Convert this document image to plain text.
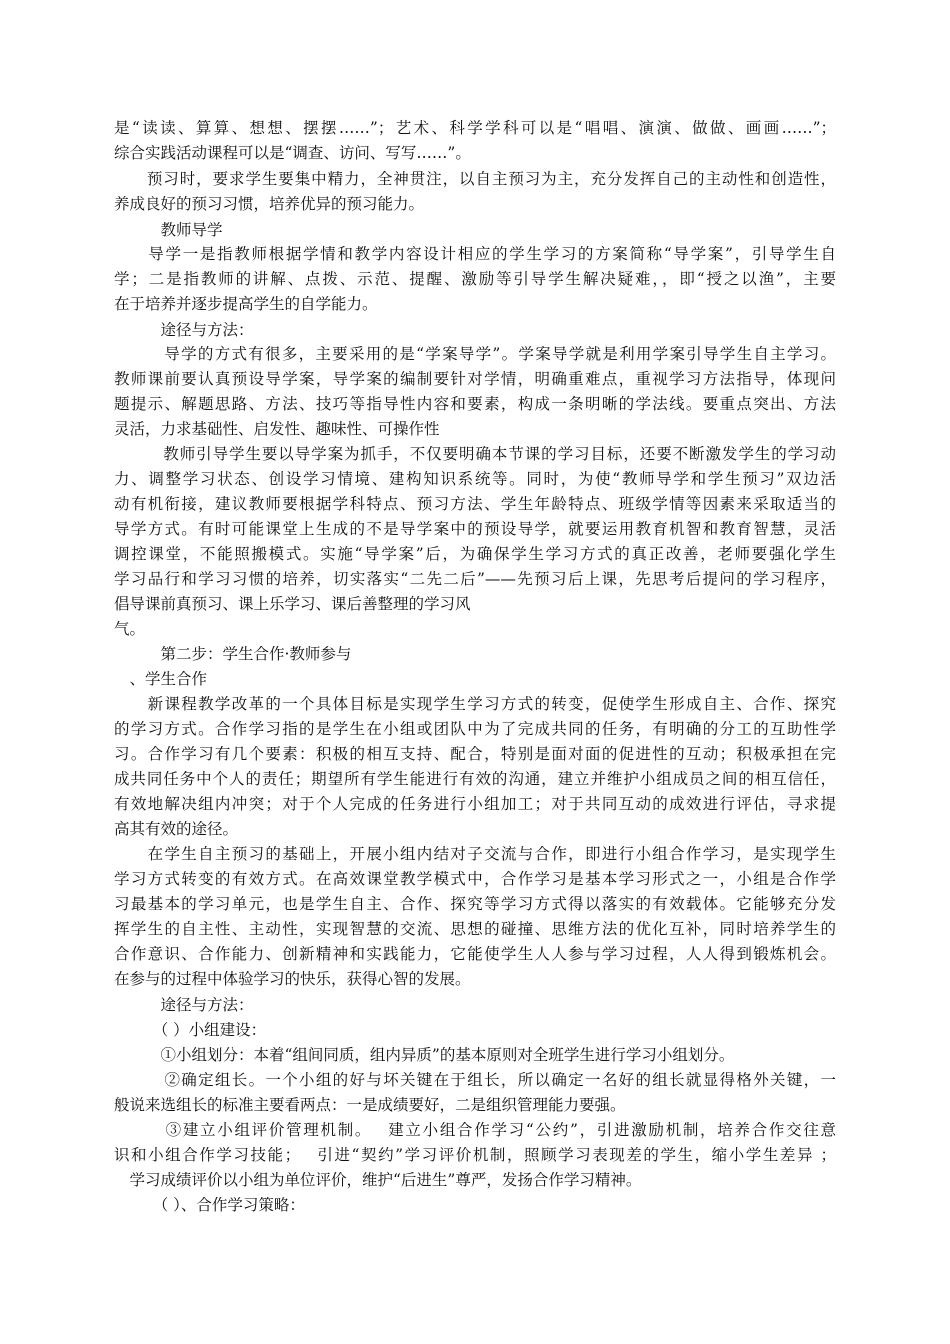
是“读读、算算、想想、摆摆……”；艺术、科学学科可以是“唱唱、演演、做做、画画……”；
综合实践活动课程可以是“调查、访问、写写……”。
　　预习时，要求学生要集中精力，全神贯注，以自主预习为主，充分发挥自己的主动性和创造性，
养成良好的预习习惯，培养优异的预习能力。
　　　教师导学
　　导学一是指教师根据学情和教学内容设计相应的学生学习的方案简称“导学案”，引导学生自
学；二是指教师的讲解、点拨、示范、提醒、激励等引导学生解决疑难，，即“授之以渔”，主要
在于培养并逐步提高学生的自学能力。
　　　途径与方法：
　　　导学的方式有很多，主要采用的是“学案导学”。学案导学就是利用学案引导学生自主学习。
教师课前要认真预设导学案，导学案的编制要针对学情，明确重难点，重视学习方法指导，体现问
题提示、解题思路、方法、技巧等指导性内容和要素，构成一条明晰的学法线。要重点突出、方法
灵活，力求基础性、启发性、趣味性、可操作性
　　　教师引导学生要以导学案为抓手，不仅要明确本节课的学习目标，还要不断激发学生的学习动
力、调整学习状态、创设学习情境、建构知识系统等。同时，为使“教师导学和学生预习”双边活
动有机衔接，建议教师要根据学科特点、预习方法、学生年龄特点、班级学情等因素来采取适当的
导学方式。有时可能课堂上生成的不是导学案中的预设导学，就要运用教育机智和教育智慧，灵活
调控课堂，不能照搬模式。实施“导学案”后，为确保学生学习方式的真正改善，老师要强化学生
学习品行和学习习惯的培养，切实落实“二先二后”——先预习后上课，先思考后提问的学习程序，
倡导课前真预习、课上乐学习、课后善整理的学习风
气。
　　　第二步：学生合作·教师参与
　、学生合作
　　新课程教学改革的一个具体目标是实现学生学习方式的转变，促使学生形成自主、合作、探究
的学习方式。合作学习指的是学生在小组或团队中为了完成共同的任务，有明确的分工的互助性学
习。合作学习有几个要素：积极的相互支持、配合，特别是面对面的促进性的互动；积极承担在完
成共同任务中个人的责任；期望所有学生能进行有效的沟通，建立并维护小组成员之间的相互信任，
有效地解决组内冲突；对于个人完成的任务进行小组加工；对于共同互动的成效进行评估，寻求提
高其有效的途径。
　　在学生自主预习的基础上，开展小组内结对子交流与合作，即进行小组合作学习，是实现学生
学习方式转变的有效方式。在高效课堂教学模式中，合作学习是基本学习形式之一，小组是合作学
习最基本的学习单元，也是学生自主、合作、探究等学习方式得以落实的有效载体。它能够充分发
挥学生的自主性、主动性，实现智慧的交流、思想的碰撞、思维方法的优化互补，同时培养学生的
合作意识、合作能力、创新精神和实践能力，它能使学生人人参与学习过程，人人得到锻炼机会。
在参与的过程中体验学习的快乐，获得心智的发展。
　　　途径与方法：
　　　（ ）小组建设：
　　　①小组划分：本着“组间同质，组内异质”的基本原则对全班学生进行学习小组划分。
　　　②确定组长。一个小组的好与坏关键在于组长，所以确定一名好的组长就显得格外关键，一
般说来选组长的标准主要看两点：一是成绩要好，二是组织管理能力要强。
　　　③建立小组评价管理机制。　 建立小组合作学习“公约”，引进激励机制，培养合作交往意
识和小组合作学习技能；　 引进“契约”学习评价机制，照顾学习表现差的学生，缩小学生差异 ；
　学习成绩评价以小组为单位评价，维护“后进生”尊严，发扬合作学习精神。
　　　（ ）、合作学习策略：
